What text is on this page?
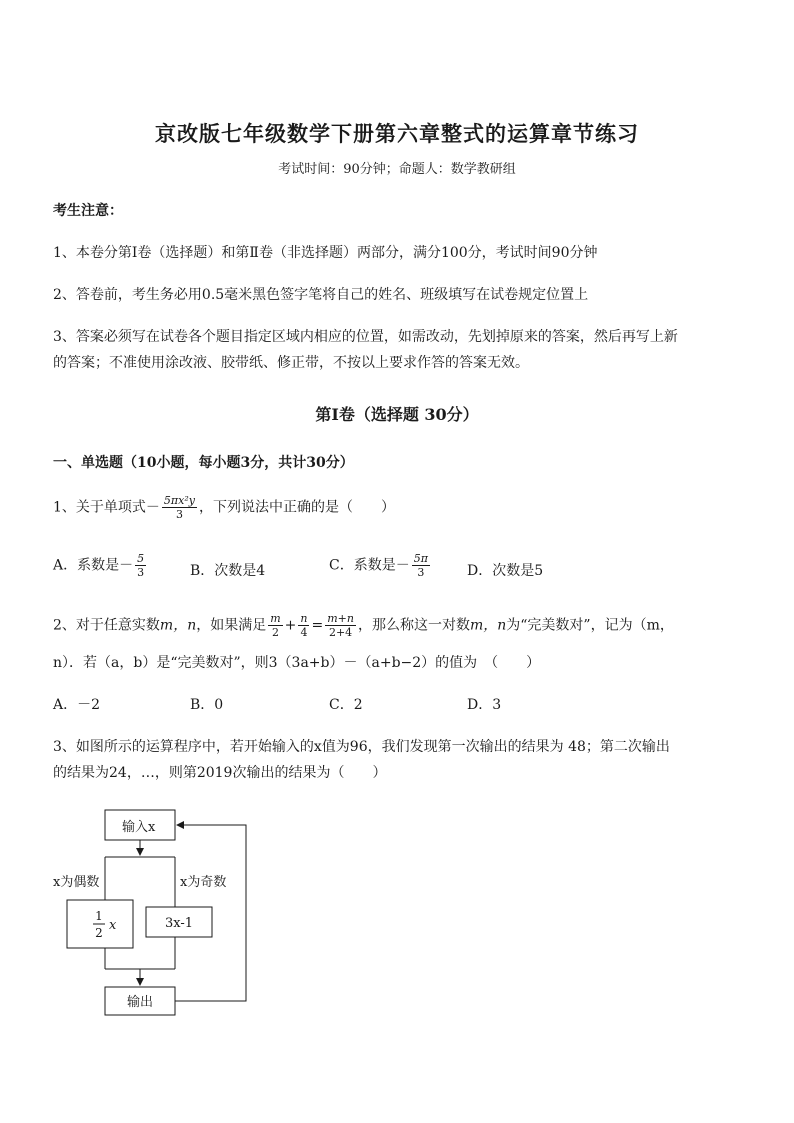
京改版七年级数学下册第六章整式的运算章节练习
考试时间：90分钟；命题人：数学教研组
考生注意：
1、本卷分第Ⅰ卷（选择题）和第Ⅱ卷（非选择题）两部分，满分100分，考试时间90分钟
2、答卷前，考生务必用0.5毫米黑色签字笔将自己的姓名、班级填写在试卷规定位置上
3、答案必须写在试卷各个题目指定区域内相应的位置，如需改动，先划掉原来的答案，然后再写上新
的答案；不准使用涂改液、胶带纸、修正带，不按以上要求作答的答案无效。
第Ⅰ卷（选择题 30分）
一、单选题（10小题，每小题3分，共计30分）
1、关于单项式－ $\frac{\text{5πx²y}}{3}$ ，下列说法中正确的是（　　）
A．系数是－ $\frac{5}{3}$	B．次数是4	C．系数是－ $\frac{5\pi}{3}$	D．次数是5
2、对于任意实数m，n，如果满足 $\frac{m}{2} + \frac{n}{4} = \frac{m+n}{2+4}$ ，那么称这一对数m，n为“完美数对”，记为（m，
n）．若（a，b）是“完美数对”，则3（3a+b）－（a+b−2）的值为　（　　）
A．－2	B．0	C．2	D．3
3、如图所示的运算程序中，若开始输入的x值为96，我们发现第一次输出的结果为 48；第二次输出
的结果为24，…，则第2019次输出的结果为（　　）
输入x
x为偶数	x为奇数
1
2 x	3x-1
输出
